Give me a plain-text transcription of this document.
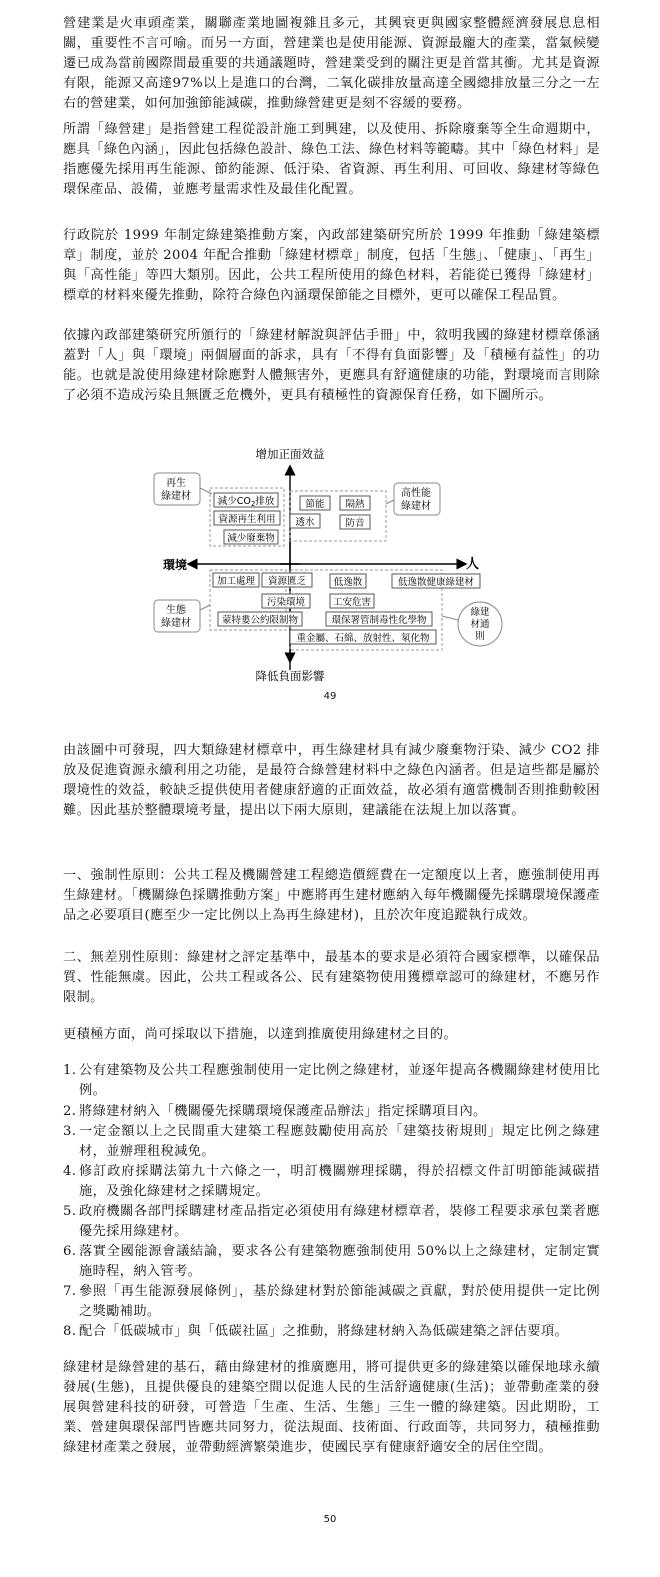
營建業是火車頭產業，關聯產業地圖複雜且多元，其興衰更與國家整體經濟發展息息相關，重要性不言可喻。而另一方面，營建業也是使用能源、資源最龐大的產業，當氣候變遷已成為當前國際間最重要的共通議題時，營建業受到的關注更是首當其衝。尤其是資源有限，能源又高達97%以上是進口的台灣，二氧化碳排放量高達全國總排放量三分之一左右的營建業，如何加強節能減碳，推動綠營建更是刻不容緩的要務。
所謂「綠營建」是指營建工程從設計施工到興建，以及使用、拆除廢棄等全生命週期中，應具「綠色內涵」，因此包括綠色設計、綠色工法、綠色材料等範疇。其中「綠色材料」是指應優先採用再生能源、節約能源、低汙染、省資源、再生利用、可回收、綠建材等綠色環保產品、設備，並應考量需求性及最佳化配置。
行政院於 1999 年制定綠建築推動方案，內政部建築研究所於 1999 年推動「綠建築標章」制度，並於 2004 年配合推動「綠建材標章」制度，包括「生態」、「健康」、「再生」與「高性能」等四大類別。因此，公共工程所使用的綠色材料，若能從已獲得「綠建材」標章的材料來優先推動，除符合綠色內涵環保節能之目標外，更可以確保工程品質。
依據內政部建築研究所頒行的「綠建材解說與評估手冊」中，敘明我國的綠建材標章係涵蓋對「人」與「環境」兩個層面的訴求，具有「不得有負面影響」及「積極有益性」的功能。也就是說使用綠建材除應對人體無害外，更應具有舒適健康的功能，對環境而言則除了必須不造成污染且無匱乏危機外，更具有積極性的資源保育任務，如下圖所示。
增加正面效益
降低負面影響
環境	人
再生
綠建材	高性能
綠建材
生態
綠建材
綠建
材通
則
減少$CO_2$排放
資源再生利用
減少廢棄物
節能 隔熱
透水	防音
加工處理 資源匱乏	低逸散	低逸散健康綠建材
污染環境	工安危害
蒙特婁公約限制物	環保署管制毒性化學物
重金屬、石綿、放射性、氡化物
49
由該圖中可發現，四大類綠建材標章中，再生綠建材具有減少廢棄物汙染、減少 CO2 排放及促進資源永續利用之功能，是最符合綠營建材料中之綠色內涵者。但是這些都是屬於環境性的效益，較缺乏提供使用者健康舒適的正面效益，故必須有適當機制否則推動較困難。因此基於整體環境考量，提出以下兩大原則，建議能在法規上加以落實。
一、強制性原則：公共工程及機關營建工程總造價經費在一定額度以上者，應強制使用再生綠建材。「機關綠色採購推動方案」中應將再生建材應納入每年機關優先採購環境保護產品之必要項目(應至少一定比例以上為再生綠建材)，且於次年度追蹤執行成效。
二、無差別性原則：綠建材之評定基準中，最基本的要求是必須符合國家標準，以確保品質、性能無虞。因此，公共工程或各公、民有建築物使用獲標章認可的綠建材，不應另作限制。
更積極方面，尚可採取以下措施，以達到推廣使用綠建材之目的。
1. 公有建築物及公共工程應強制使用一定比例之綠建材，並逐年提高各機關綠建材使用比例。
2. 將綠建材納入「機關優先採購環境保護產品辦法」指定採購項目內。
3. 一定金額以上之民間重大建築工程應鼓勵使用高於「建築技術規則」規定比例之綠建材，並辦理租稅減免。
4. 修訂政府採購法第九十六條之一，明訂機關辦理採購，得於招標文件訂明節能減碳措施，及強化綠建材之採購規定。
5. 政府機關各部門採購建材產品指定必須使用有綠建材標章者，裝修工程要求承包業者應優先採用綠建材。
6. 落實全國能源會議結論，要求各公有建築物應強制使用 50%以上之綠建材，定制定實施時程，納入管考。
7. 參照「再生能源發展條例」，基於綠建材對於節能減碳之貢獻，對於使用提供一定比例之獎勵補助。
8. 配合「低碳城市」與「低碳社區」之推動，將綠建材納入為低碳建築之評估要項。
綠建材是綠營建的基石，藉由綠建材的推廣應用，將可提供更多的綠建築以確保地球永續發展(生態)，且提供優良的建築空間以促進人民的生活舒適健康(生活)；並帶動產業的發展與營建科技的研發，可營造「生產、生活、生態」三生一體的綠建築。因此期盼，工業、營建與環保部門皆應共同努力，從法規面、技術面、行政面等，共同努力，積極推動綠建材產業之發展，並帶動經濟繁榮進步，使國民享有健康舒適安全的居住空間。
50
